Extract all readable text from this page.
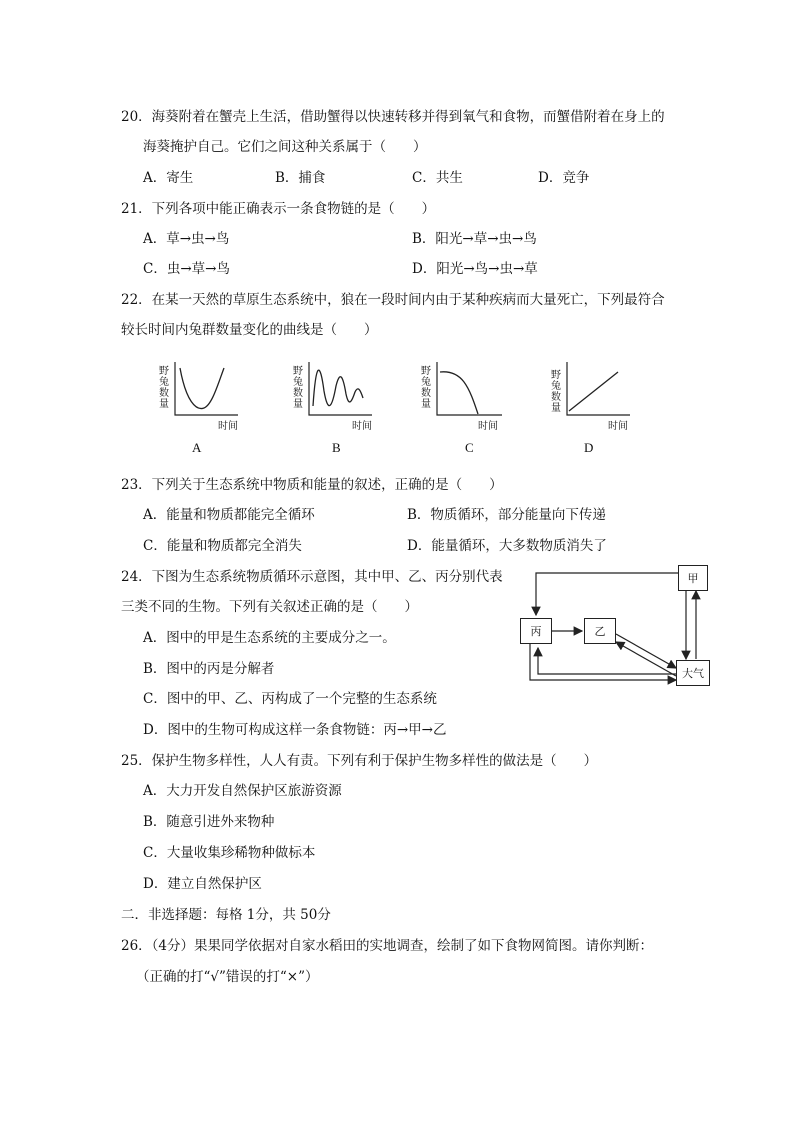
20．海葵附着在蟹壳上生活，借助蟹得以快速转移并得到氧气和食物，而蟹借附着在身上的
海葵掩护自己。它们之间这种关系属于（　　）
A．寄生	B．捕食	C．共生	D．竞争
21．下列各项中能正确表示一条食物链的是（　　）
A．草→虫→鸟	B．阳光→草→虫→鸟
C．虫→草→鸟	D．阳光→鸟→虫→草
22．在某一天然的草原生态系统中，狼在一段时间内由于某种疾病而大量死亡，下列最符合
较长时间内兔群数量变化的曲线是（　　）
野兔数量
时间
A
野兔数量
时间
B
野兔数量
时间
C
野兔数量
时间
D
23．下列关于生态系统中物质和能量的叙述，正确的是（　　）
A．能量和物质都能完全循环	B．物质循环，部分能量向下传递
C．能量和物质都完全消失	D．能量循环，大多数物质消失了
24．下图为生态系统物质循环示意图，其中甲、乙、丙分别代表
三类不同的生物。下列有关叙述正确的是（　　）
A．图中的甲是生态系统的主要成分之一。
B．图中的丙是分解者
C．图中的甲、乙、丙构成了一个完整的生态系统
D．图中的生物可构成这样一条食物链：丙→甲→乙
甲
丙	乙
大气
25．保护生物多样性，人人有责。下列有利于保护生物多样性的做法是（　　）
A．大力开发自然保护区旅游资源
B．随意引进外来物种
C．大量收集珍稀物种做标本
D．建立自然保护区
二．非选择题：每格 1分，共 50分
26．（4分）果果同学依据对自家水稻田的实地调查，绘制了如下食物网简图。请你判断：
（正确的打“√”错误的打“×”）
